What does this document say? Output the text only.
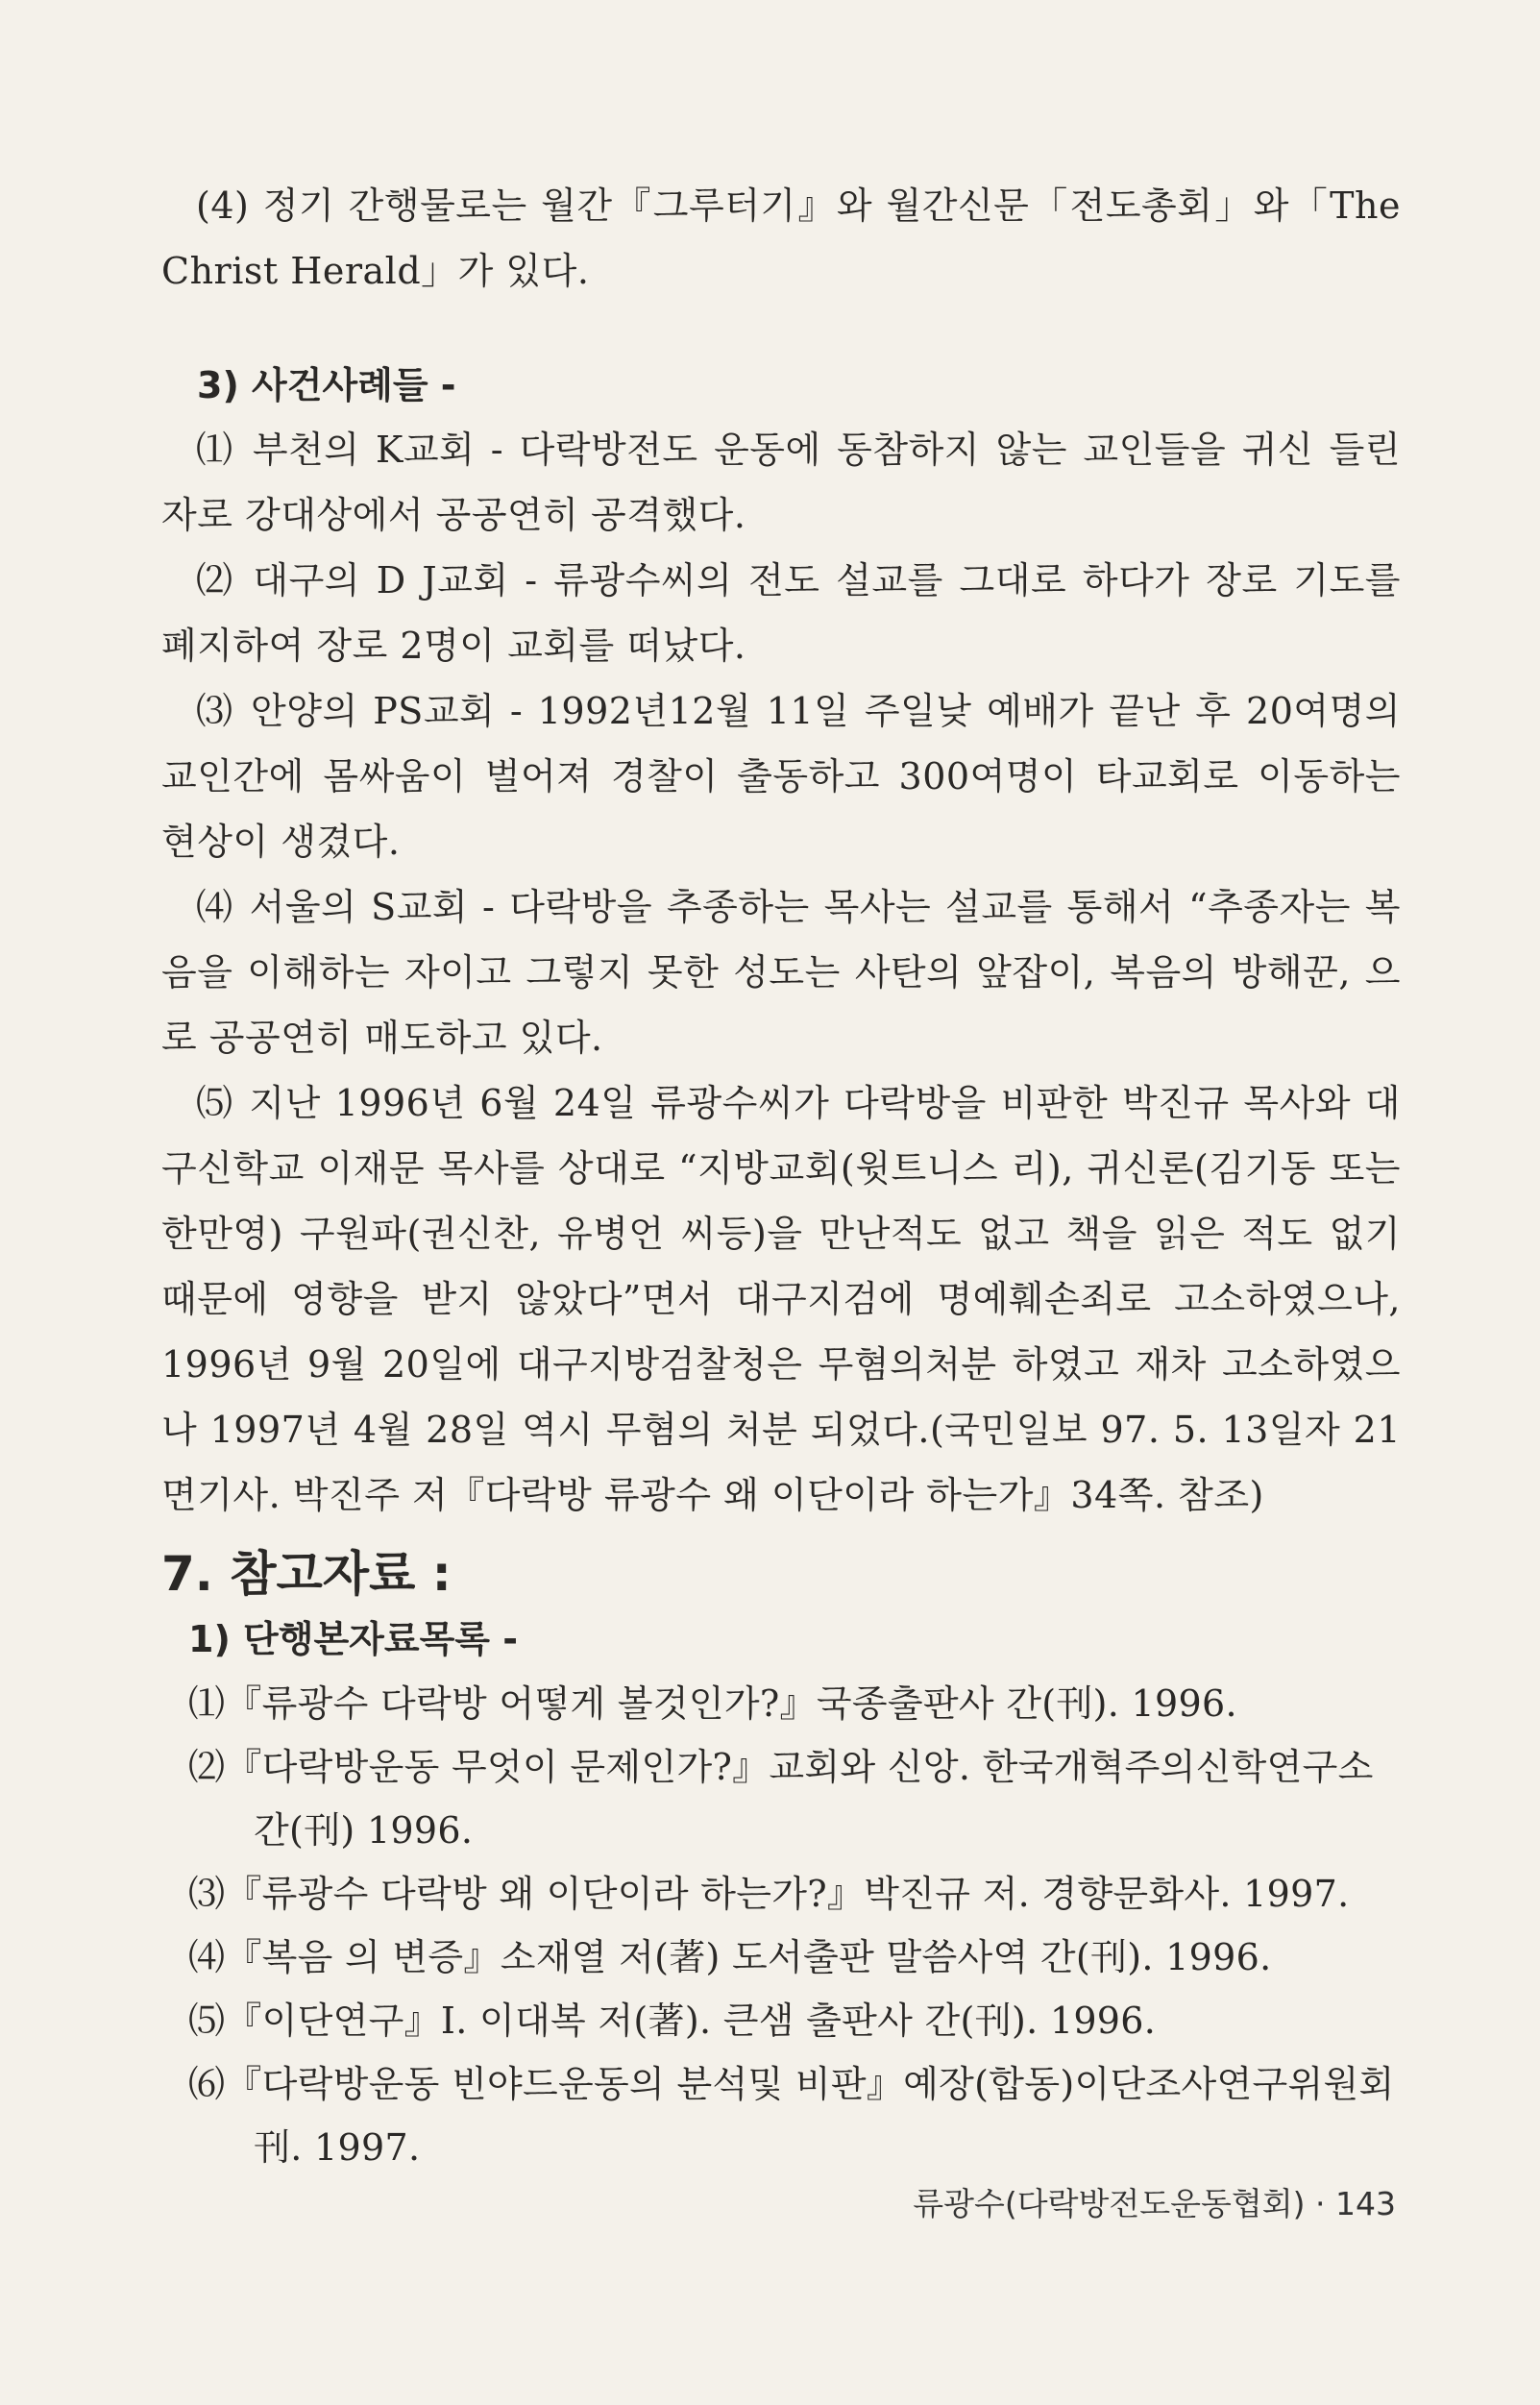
(4) 정기 간행물로는 월간『그루터기』와 월간신문「전도총회」와「The Christ Herald」가 있다.

3) 사건사례들 -

⑴ 부천의 K교회 - 다락방전도 운동에 동참하지 않는 교인들을 귀신 들린 자로 강대상에서 공공연히 공격했다.

⑵ 대구의 D J교회 - 류광수씨의 전도 설교를 그대로 하다가 장로 기도를 폐지하여 장로 2명이 교회를 떠났다.

⑶ 안양의 PS교회 - 1992년12월 11일 주일낮 예배가 끝난 후 20여명의 교인간에 몸싸움이 벌어져 경찰이 출동하고 300여명이 타교회로 이동하는 현상이 생겼다.

⑷ 서울의 S교회 - 다락방을 추종하는 목사는 설교를 통해서 “추종자는 복음을 이해하는 자이고 그렇지 못한 성도는 사탄의 앞잡이, 복음의 방해꾼, 으로 공공연히 매도하고 있다.

⑸ 지난 1996년 6월 24일 류광수씨가 다락방을 비판한 박진규 목사와 대구신학교 이재문 목사를 상대로 “지방교회(윗트니스 리), 귀신론(김기동 또는 한만영) 구원파(권신찬, 유병언 씨등)을 만난적도 없고 책을 읽은 적도 없기 때문에 영향을 받지 않았다”면서 대구지검에 명예훼손죄로 고소하였으나, 1996년 9월 20일에 대구지방검찰청은 무혐의처분 하였고 재차 고소하였으나 1997년 4월 28일 역시 무혐의 처분 되었다.(국민일보 97. 5. 13일자 21면기사. 박진주 저『다락방 류광수 왜 이단이라 하는가』34쪽. 참조)

7. 참고자료 :
1) 단행본자료목록 -
⑴『류광수 다락방 어떻게 볼것인가?』국종출판사 간(刊). 1996.
⑵『다락방운동 무엇이 문제인가?』교회와 신앙. 한국개혁주의신학연구소간(刊) 1996.
⑶『류광수 다락방 왜 이단이라 하는가?』박진규 저. 경향문화사. 1997.
⑷『복음 의 변증』소재열 저(著) 도서출판 말씀사역 간(刊). 1996.
⑸『이단연구』Ⅰ. 이대복 저(著). 큰샘 출판사 간(刊). 1996.
⑹『다락방운동 빈야드운동의 분석및 비판』예장(합동)이단조사연구위원회刊. 1997.
류광수(다락방전도운동협회) · 143
